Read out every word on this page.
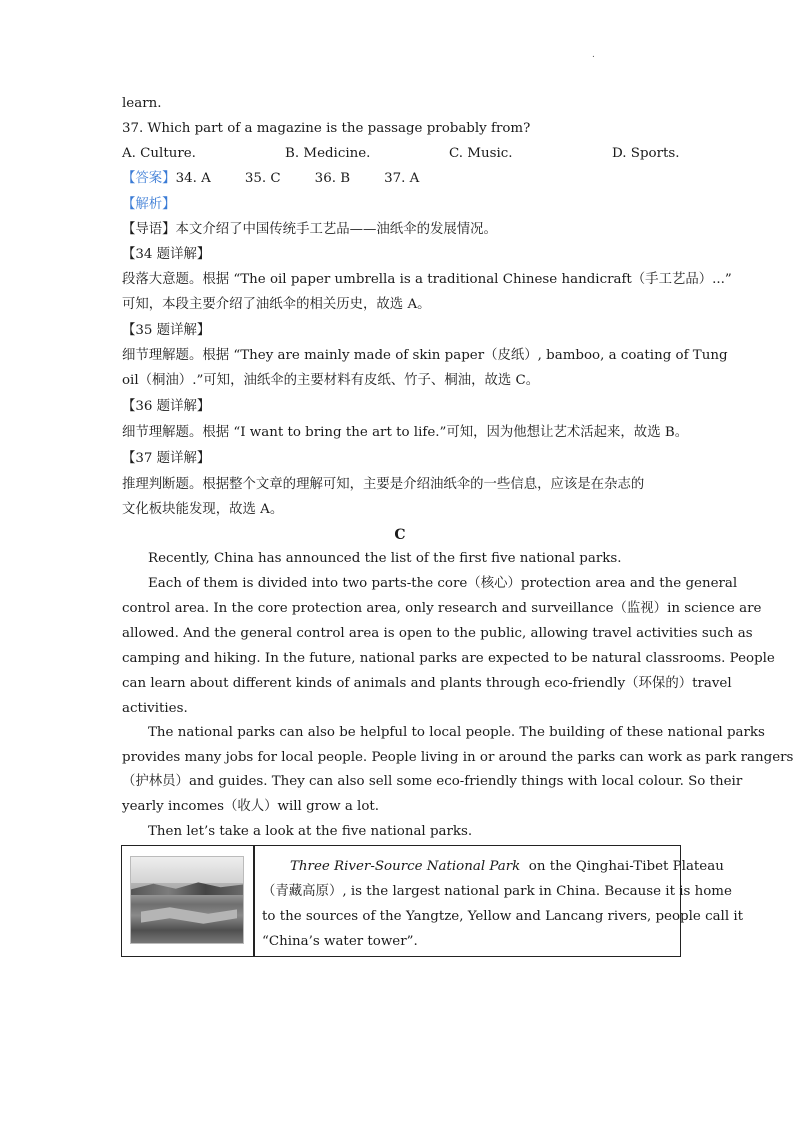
.
learn.
37. Which part of a magazine is the passage probably from?
A. Culture.	B. Medicine.	C. Music.	D. Sports.
【答案】34. A        35. C        36. B        37. A
【解析】
【导语】本文介绍了中国传统手工艺品——油纸伞的发展情况。
【34 题详解】
段落大意题。根据 “The oil paper umbrella is a traditional Chinese handicraft（手工艺品）...”
可知，本段主要介绍了油纸伞的相关历史，故选 A。
【35 题详解】
细节理解题。根据 “They are mainly made of skin paper（皮纸）, bamboo, a coating of Tung
oil（桐油）.”可知，油纸伞的主要材料有皮纸、竹子、桐油，故选 C。
【36 题详解】
细节理解题。根据 “I want to bring the art to life.”可知，因为他想让艺术活起来，故选 B。
【37 题详解】
推理判断题。根据整个文章的理解可知，主要是介绍油纸伞的一些信息，应该是在杂志的
文化板块能发现，故选 A。
C
Recently, China has announced the list of the first five national parks.
Each of them is divided into two parts-the core（核心）protection area and the general
control area. In the core protection area, only research and surveillance（监视）in science are
allowed. And the general control area is open to the public, allowing travel activities such as
camping and hiking. In the future, national parks are expected to be natural classrooms. People
can learn about different kinds of animals and plants through eco-friendly（环保的）travel
activities.
The national parks can also be helpful to local people. The building of these national parks
provides many jobs for local people. People living in or around the parks can work as park rangers
（护林员）and guides. They can also sell some eco-friendly things with local colour. So their
yearly incomes（收人）will grow a lot.
Then let’s take a look at the five national parks.
Three River-Source National Park  on the Qinghai-Tibet Plateau
（青藏高原）, is the largest national park in China. Because it is home
to the sources of the Yangtze, Yellow and Lancang rivers, people call it
“China’s water tower”.
